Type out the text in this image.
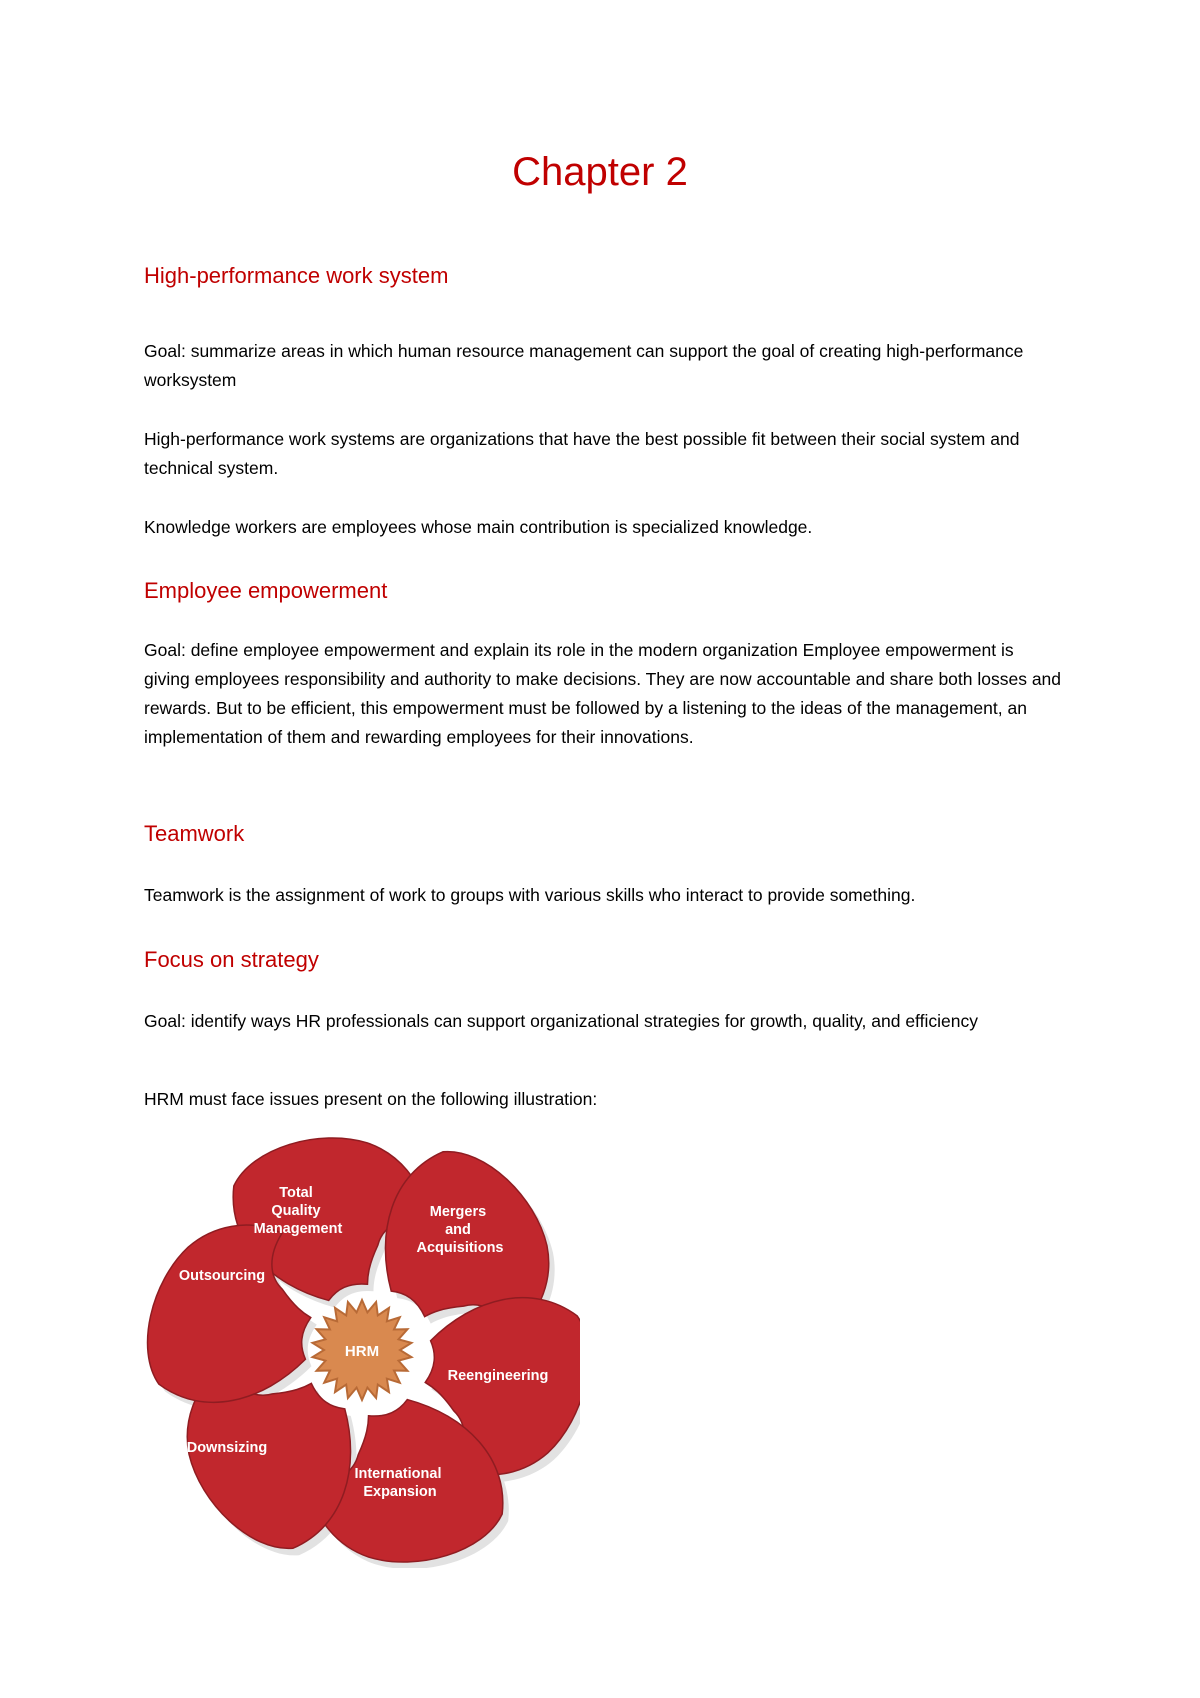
Chapter 2
High-performance work system

Goal: summarize areas in which human resource management can support the goal of creating high-performance worksystem

High-performance work systems are organizations that have the best possible fit between their social system and technical system.

Knowledge workers are employees whose main contribution is specialized knowledge.

Employee empowerment

Goal: define employee empowerment and explain its role in the modern organization Employee empowerment is giving employees responsibility and authority to make decisions. They are now accountable and share both losses and rewards. But to be efficient, this empowerment must be followed by a listening to the ideas of the management, an implementation of them and rewarding employees for their innovations.

Teamwork

Teamwork is the assignment of work to groups with various skills who interact to provide something.

Focus on strategy

Goal: identify ways HR professionals can support organizational strategies for growth, quality, and efficiency

HRM must face issues present on the following illustration:

HRM
Total Quality Management
Mergers and Acquisitions
Reengineering
International Expansion
Downsizing
Outsourcing
